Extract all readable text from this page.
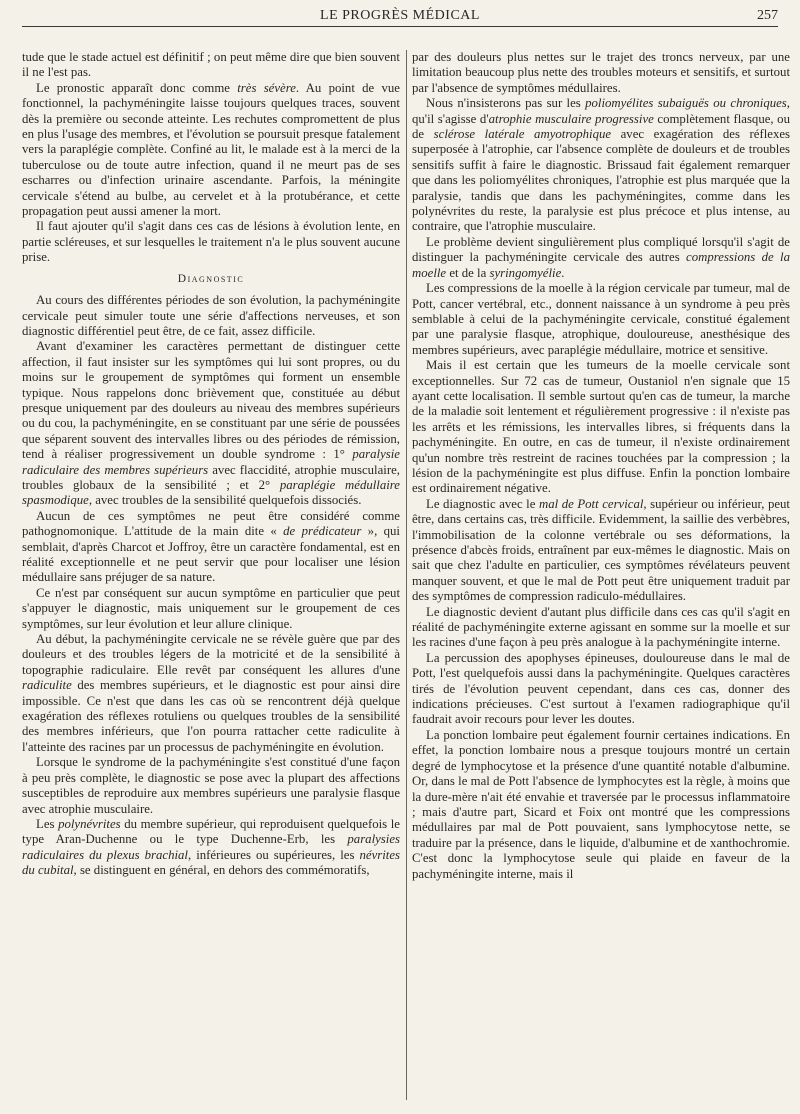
LE PROGRÈS MÉDICAL	257

tude que le stade actuel est définitif ; on peut même dire que bien souvent il ne l'est pas.

Le pronostic apparaît donc comme très sévère. Au point de vue fonctionnel, la pachyméningite laisse toujours quelques traces, souvent dès la première ou seconde atteinte. Les rechutes compromettent de plus en plus l'usage des membres, et l'évolution se poursuit presque fatalement vers la paraplégie complète. Confiné au lit, le malade est à la merci de la tuberculose ou de toute autre infection, quand il ne meurt pas de ses escharres ou d'infection urinaire ascendante. Parfois, la méningite cervicale s'étend au bulbe, au cervelet et à la protubérance, et cette propagation peut aussi amener la mort.

Il faut ajouter qu'il s'agit dans ces cas de lésions à évolution lente, en partie scléreuses, et sur lesquelles le traitement n'a le plus souvent aucune prise.

Diagnostic

Au cours des différentes périodes de son évolution, la pachyméningite cervicale peut simuler toute une série d'affections nerveuses, et son diagnostic différentiel peut être, de ce fait, assez difficile.

Avant d'examiner les caractères permettant de distinguer cette affection, il faut insister sur les symptômes qui lui sont propres, ou du moins sur le groupement de symptômes qui forment un ensemble typique. Nous rappelons donc brièvement que, constituée au début presque uniquement par des douleurs au niveau des membres supérieurs ou du cou, la pachyméningite, en se constituant par une série de poussées que séparent souvent des intervalles libres ou des périodes de rémission, tend à réaliser progressivement un double syndrome : 1° paralysie radiculaire des membres supérieurs avec flaccidité, atrophie musculaire, troubles globaux de la sensibilité ; et 2° paraplégie médullaire spasmodique, avec troubles de la sensibilité quelquefois dissociés.

Aucun de ces symptômes ne peut être considéré comme pathognomonique. L'attitude de la main dite « de prédicateur », qui semblait, d'après Charcot et Joffroy, être un caractère fondamental, est en réalité exceptionnelle et ne peut servir que pour localiser une lésion médullaire sans préjuger de sa nature.

Ce n'est par conséquent sur aucun symptôme en particulier que peut s'appuyer le diagnostic, mais uniquement sur le groupement de ces symptômes, sur leur évolution et leur allure clinique.

Au début, la pachyméningite cervicale ne se révèle guère que par des douleurs et des troubles légers de la motricité et de la sensibilité à topographie radiculaire. Elle revêt par conséquent les allures d'une radiculite des membres supérieurs, et le diagnostic est pour ainsi dire impossible. Ce n'est que dans les cas où se rencontrent déjà quelque exagération des réflexes rotuliens ou quelques troubles de la sensibilité des membres inférieurs, que l'on pourra rattacher cette radiculite à l'atteinte des racines par un processus de pachyméningite en évolution.

Lorsque le syndrome de la pachyméningite s'est constitué d'une façon à peu près complète, le diagnostic se pose avec la plupart des affections susceptibles de reproduire aux membres supérieurs une paralysie flasque avec atrophie musculaire.

Les polynévrites du membre supérieur, qui reproduisent quelquefois le type Aran-Duchenne ou le type Duchenne-Erb, les paralysies radiculaires du plexus brachial, inférieures ou supérieures, les névrites du cubital, se distinguent en général, en dehors des commémoratifs,

par des douleurs plus nettes sur le trajet des troncs nerveux, par une limitation beaucoup plus nette des troubles moteurs et sensitifs, et surtout par l'absence de symptômes médullaires.

Nous n'insisterons pas sur les poliomyélites subaiguës ou chroniques, qu'il s'agisse d'atrophie musculaire progressive complètement flasque, ou de sclérose latérale amyotrophique avec exagération des réflexes superposée à l'atrophie, car l'absence complète de douleurs et de troubles sensitifs suffit à faire le diagnostic. Brissaud fait également remarquer que dans les poliomyélites chroniques, l'atrophie est plus marquée que la paralysie, tandis que dans les pachyméningites, comme dans les polynévrites du reste, la paralysie est plus précoce et plus intense, au contraire, que l'atrophie musculaire.

Le problème devient singulièrement plus compliqué lorsqu'il s'agit de distinguer la pachyméningite cervicale des autres compressions de la moelle et de la syringomyélie.

Les compressions de la moelle à la région cervicale par tumeur, mal de Pott, cancer vertébral, etc., donnent naissance à un syndrome à peu près semblable à celui de la pachyméningite cervicale, constitué également par une paralysie flasque, atrophique, douloureuse, anesthésique des membres supérieurs, avec paraplégie médullaire, motrice et sensitive.

Mais il est certain que les tumeurs de la moelle cervicale sont exceptionnelles. Sur 72 cas de tumeur, Oustaniol n'en signale que 15 ayant cette localisation. Il semble surtout qu'en cas de tumeur, la marche de la maladie soit lentement et régulièrement progressive : il n'existe pas les arrêts et les rémissions, les intervalles libres, si fréquents dans la pachyméningite. En outre, en cas de tumeur, il n'existe ordinairement qu'un nombre très restreint de racines touchées par la compression ; la lésion de la pachyméningite est plus diffuse. Enfin la ponction lombaire est ordinairement négative.

Le diagnostic avec le mal de Pott cervical, supérieur ou inférieur, peut être, dans certains cas, très difficile. Evidemment, la saillie des verbèbres, l'immobilisation de la colonne vertébrale ou ses déformations, la présence d'abcès froids, entraînent par eux-mêmes le diagnostic. Mais on sait que chez l'adulte en particulier, ces symptômes révélateurs peuvent manquer souvent, et que le mal de Pott peut être uniquement traduit par des symptômes de compression radiculo-médullaires.

Le diagnostic devient d'autant plus difficile dans ces cas qu'il s'agit en réalité de pachyméningite externe agissant en somme sur la moelle et sur les racines d'une façon à peu près analogue à la pachyméningite interne.

La percussion des apophyses épineuses, douloureuse dans le mal de Pott, l'est quelquefois aussi dans la pachyméningite. Quelques caractères tirés de l'évolution peuvent cependant, dans ces cas, donner des indications précieuses. C'est surtout à l'examen radiographique qu'il faudrait avoir recours pour lever les doutes.

La ponction lombaire peut également fournir certaines indications. En effet, la ponction lombaire nous a presque toujours montré un certain degré de lymphocytose et la présence d'une quantité notable d'albumine. Or, dans le mal de Pott l'absence de lymphocytes est la règle, à moins que la dure-mère n'ait été envahie et traversée par le processus inflammatoire ; mais d'autre part, Sicard et Foix ont montré que les compressions médullaires par mal de Pott pouvaient, sans lymphocytose nette, se traduire par la présence, dans le liquide, d'albumine et de xanthochromie. C'est donc la lymphocytose seule qui plaide en faveur de la pachyméningite interne, mais il
